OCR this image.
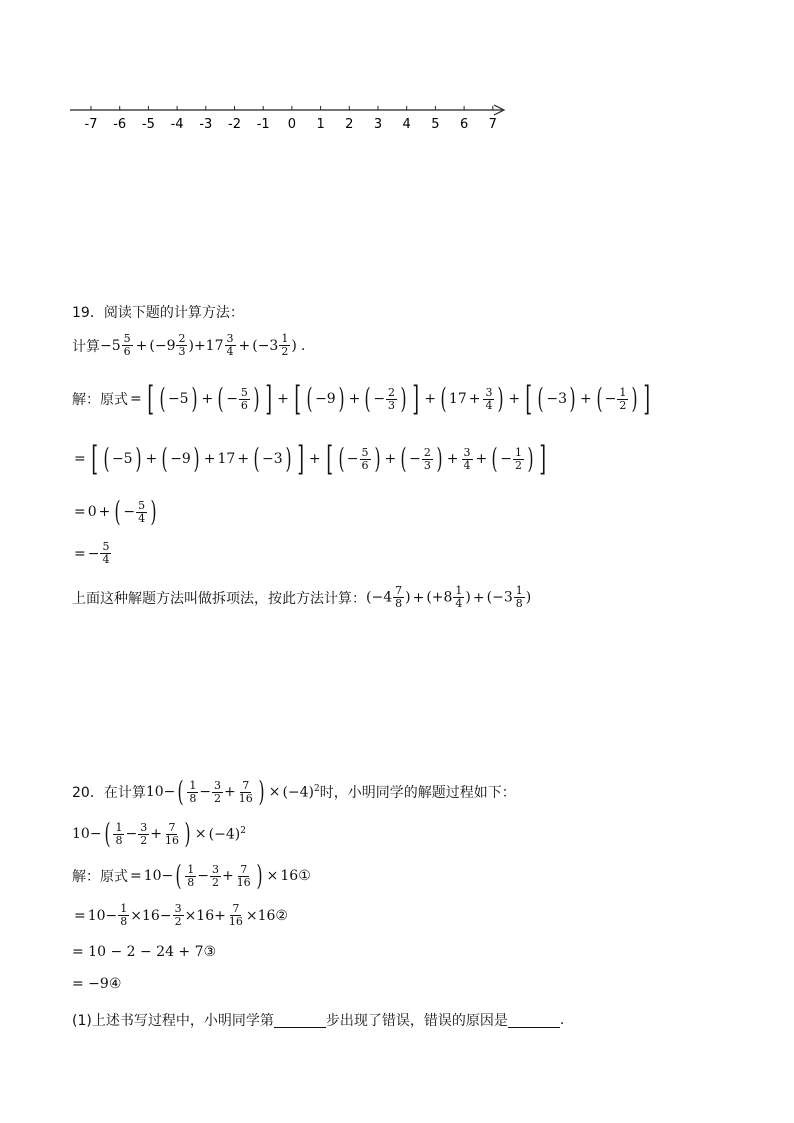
-7 -6 -5 -4 -3 -2 -1 0 1 2 3 4 5 6 7
19．阅读下题的计算方法：
计算 $-5 \frac{5}{6} + (-9 \frac{2}{3}$ ) $+17 \frac{3}{4} + (-3 \frac{1}{2}$ ) .
解：原式 = [ ( −5 ) + ( − $\frac{5}{6}$ ) ] + [ ( −9 ) + ( − $\frac{2}{3}$ ) ] + ( $17 + \frac{3}{4}$ ) + [ ( −3 ) + ( − $\frac{1}{2}$ ) ]
= [ ( −5 ) + ( −9 ) + 17 + ( −3 ) ] + [ ( − $\frac{5}{6}$ ) + ( − $\frac{2}{3}$ ) + $\frac{3}{4}$ + ( − $\frac{1}{2}$ ) ]
= 0 + ( − $\frac{5}{4}$ )
= − $\frac{5}{4}$
上面这种解题方法叫做拆项法，按此方法计算： ($-4 \frac{7}{8}$ ) + ($+8 \frac{1}{4}$ ) + ($-3 \frac{1}{8}$ )
20．在计算 10− ( $\frac{1}{8} - \frac{3}{2} + \frac{7}{16}$ ) × $(-4)^2$ 时，小明同学的解题过程如下：
10− ( $\frac{1}{8} - \frac{3}{2} + \frac{7}{16}$ ) × $(-4)^2$
解：原式 = 10− ( $\frac{1}{8} - \frac{3}{2} + \frac{7}{16}$ ) × 16 ①
= $10- \frac{1}{8} \times 16- \frac{3}{2} \times 16+ \frac{7}{16} \times 16$ ②
= 10 − 2 − 24 + 7 ③
= −9 ④
(1)上述书写过程中，小明同学第	步出现了错误，错误的原因是	.
